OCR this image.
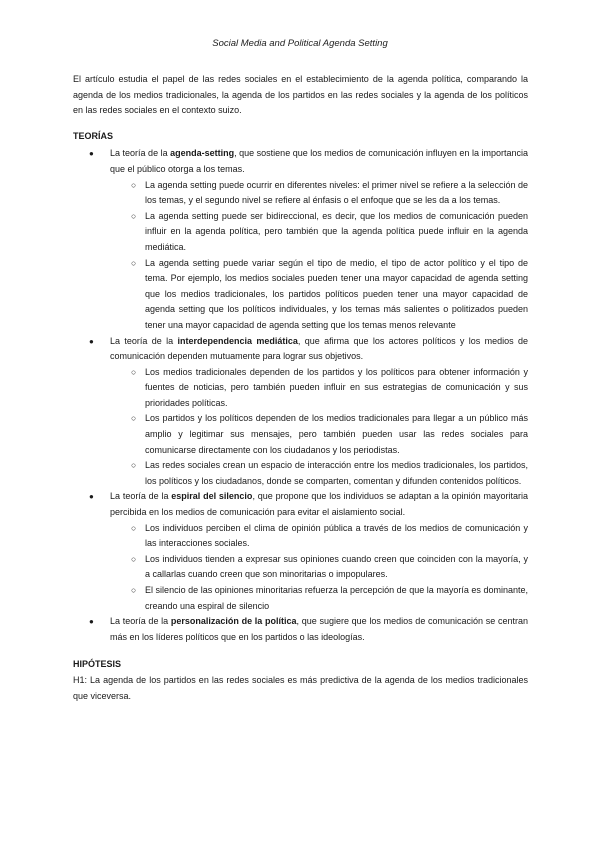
Social Media and Political Agenda Setting

El artículo estudia el papel de las redes sociales en el establecimiento de la agenda política, comparando la agenda de los medios tradicionales, la agenda de los partidos en las redes sociales y la agenda de los políticos en las redes sociales en el contexto suizo.

TEORÍAS
● La teoría de la agenda-setting, que sostiene que los medios de comunicación influyen en la importancia que el público otorga a los temas.
○ La agenda setting puede ocurrir en diferentes niveles: el primer nivel se refiere a la selección de los temas, y el segundo nivel se refiere al énfasis o el enfoque que se les da a los temas.
○ La agenda setting puede ser bidireccional, es decir, que los medios de comunicación pueden influir en la agenda política, pero también que la agenda política puede influir en la agenda mediática.
○ La agenda setting puede variar según el tipo de medio, el tipo de actor político y el tipo de tema. Por ejemplo, los medios sociales pueden tener una mayor capacidad de agenda setting que los medios tradicionales, los partidos políticos pueden tener una mayor capacidad de agenda setting que los políticos individuales, y los temas más salientes o politizados pueden tener una mayor capacidad de agenda setting que los temas menos relevante
● La teoría de la interdependencia mediática, que afirma que los actores políticos y los medios de comunicación dependen mutuamente para lograr sus objetivos.
○ Los medios tradicionales dependen de los partidos y los políticos para obtener información y fuentes de noticias, pero también pueden influir en sus estrategias de comunicación y sus prioridades políticas.
○ Los partidos y los políticos dependen de los medios tradicionales para llegar a un público más amplio y legitimar sus mensajes, pero también pueden usar las redes sociales para comunicarse directamente con los ciudadanos y los periodistas.
○ Las redes sociales crean un espacio de interacción entre los medios tradicionales, los partidos, los políticos y los ciudadanos, donde se comparten, comentan y difunden contenidos políticos.
● La teoría de la espiral del silencio, que propone que los individuos se adaptan a la opinión mayoritaria percibida en los medios de comunicación para evitar el aislamiento social.
○ Los individuos perciben el clima de opinión pública a través de los medios de comunicación y las interacciones sociales.
○ Los individuos tienden a expresar sus opiniones cuando creen que coinciden con la mayoría, y a callarlas cuando creen que son minoritarias o impopulares.
○ El silencio de las opiniones minoritarias refuerza la percepción de que la mayoría es dominante, creando una espiral de silencio
● La teoría de la personalización de la política, que sugiere que los medios de comunicación se centran más en los líderes políticos que en los partidos o las ideologías.
HIPÓTESIS

H1: La agenda de los partidos en las redes sociales es más predictiva de la agenda de los medios tradicionales que viceversa.
